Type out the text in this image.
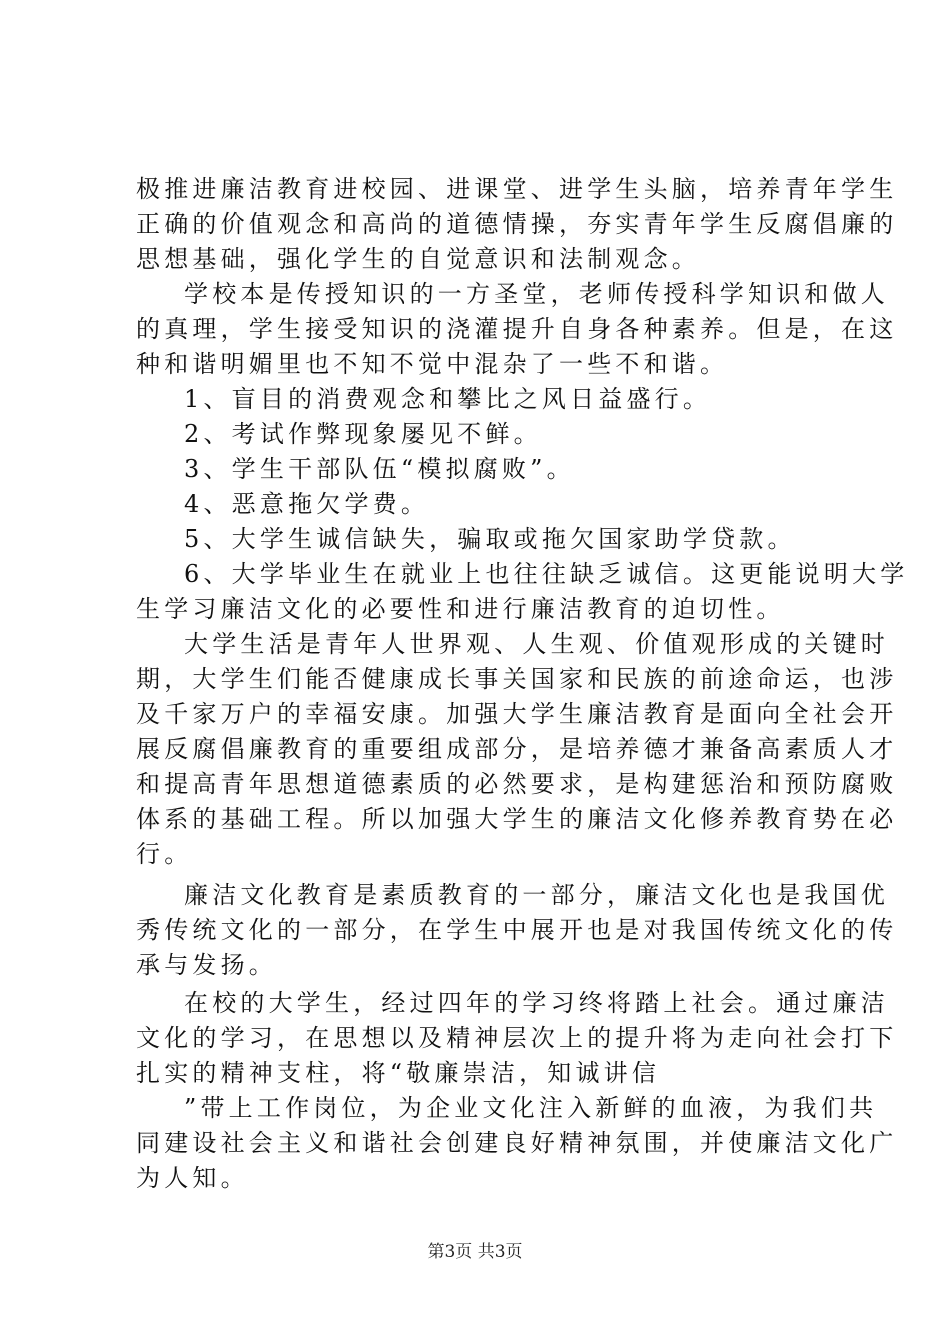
极推进廉洁教育进校园、进课堂、进学生头脑，培养青年学生
正确的价值观念和高尚的道德情操，夯实青年学生反腐倡廉的
思想基础，强化学生的自觉意识和法制观念。
学校本是传授知识的一方圣堂，老师传授科学知识和做人
的真理，学生接受知识的浇灌提升自身各种素养。但是，在这
种和谐明媚里也不知不觉中混杂了一些不和谐。
1、盲目的消费观念和攀比之风日益盛行。
2、考试作弊现象屡见不鲜。
3、学生干部队伍“模拟腐败”。
4、恶意拖欠学费。
5、大学生诚信缺失，骗取或拖欠国家助学贷款。
6、大学毕业生在就业上也往往缺乏诚信。这更能说明大学
生学习廉洁文化的必要性和进行廉洁教育的迫切性。
大学生活是青年人世界观、人生观、价值观形成的关键时
期，大学生们能否健康成长事关国家和民族的前途命运，也涉
及千家万户的幸福安康。加强大学生廉洁教育是面向全社会开
展反腐倡廉教育的重要组成部分，是培养德才兼备高素质人才
和提高青年思想道德素质的必然要求，是构建惩治和预防腐败
体系的基础工程。所以加强大学生的廉洁文化修养教育势在必
行。
廉洁文化教育是素质教育的一部分，廉洁文化也是我国优
秀传统文化的一部分，在学生中展开也是对我国传统文化的传
承与发扬。
在校的大学生，经过四年的学习终将踏上社会。通过廉洁
文化的学习，在思想以及精神层次上的提升将为走向社会打下
扎实的精神支柱，将“敬廉崇洁，知诚讲信
”带上工作岗位，为企业文化注入新鲜的血液，为我们共
同建设社会主义和谐社会创建良好精神氛围，并使廉洁文化广
为人知。
第3页 共3页
